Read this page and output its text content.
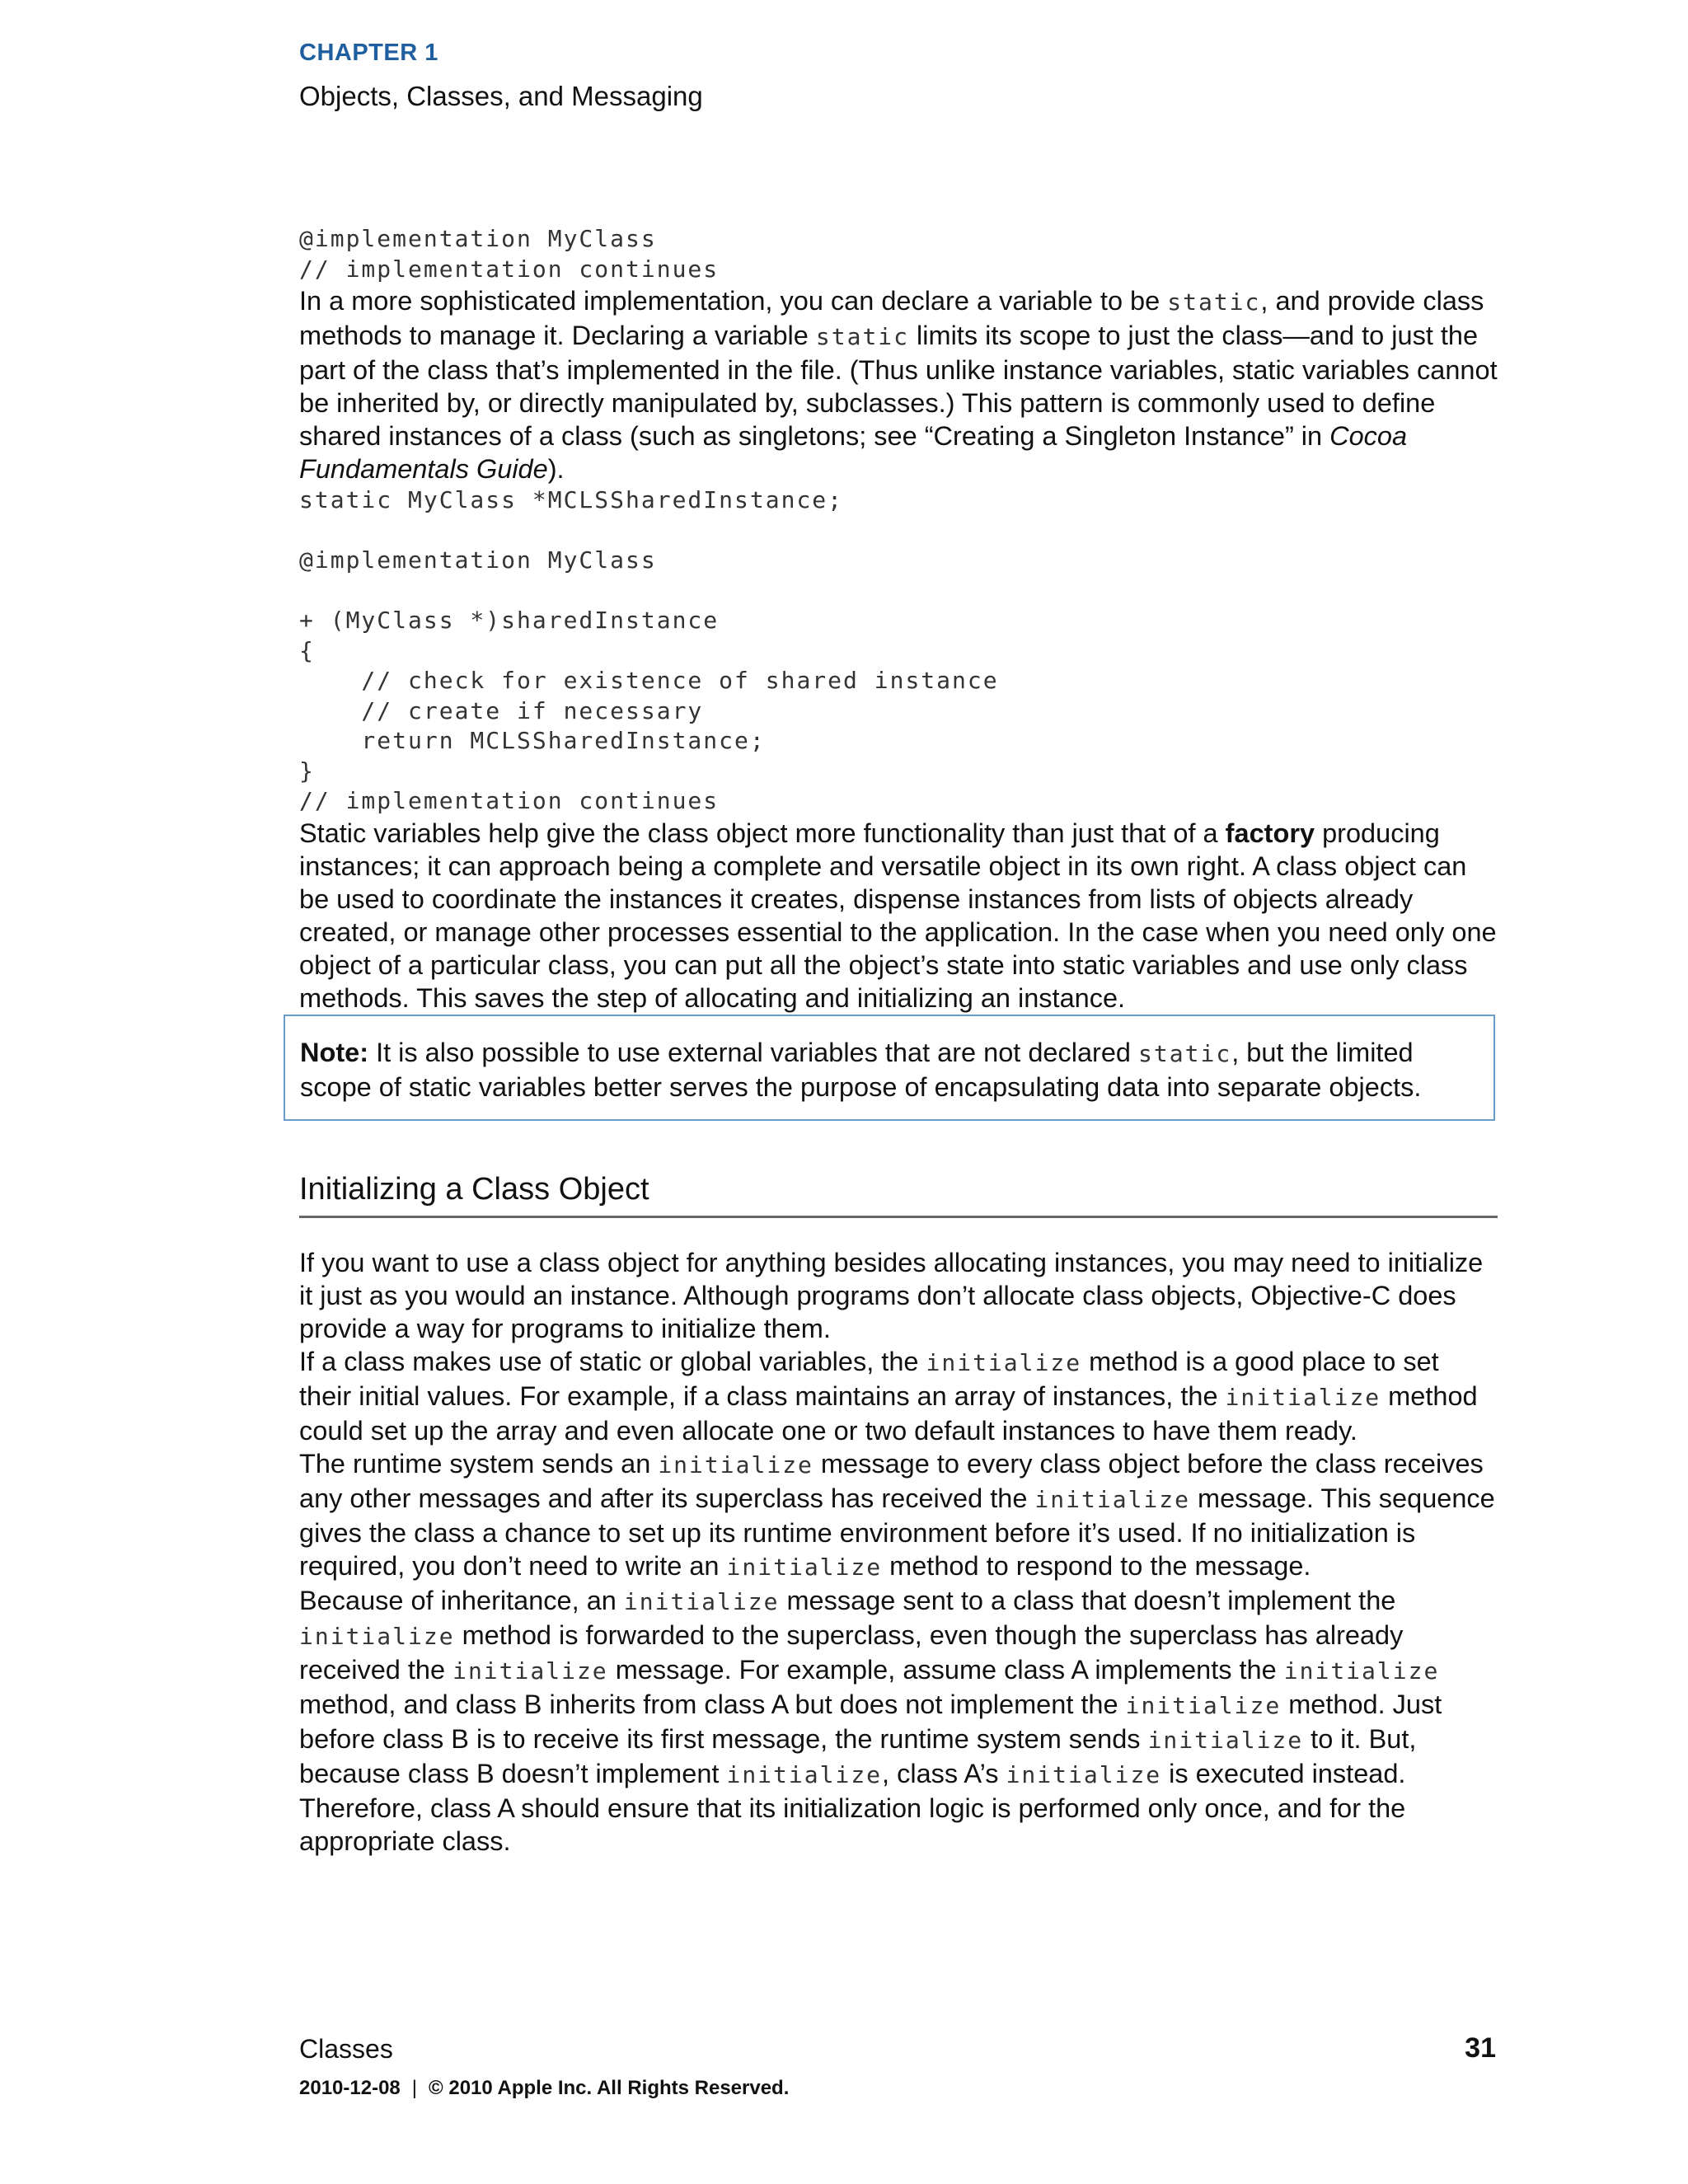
CHAPTER 1
Objects, Classes, and Messaging
@implementation MyClass
// implementation continues

In a more sophisticated implementation, you can declare a variable to be static, and provide class methods to manage it. Declaring a variable static limits its scope to just the class—and to just the part of the class that’s implemented in the file. (Thus unlike instance variables, static variables cannot be inherited by, or directly manipulated by, subclasses.) This pattern is commonly used to define shared instances of a class (such as singletons; see “Creating a Singleton Instance” in Cocoa Fundamentals Guide).

static MyClass *MCLSSharedInstance;

@implementation MyClass

+ (MyClass *)sharedInstance
{
// check for existence of shared instance
// create if necessary
return MCLSSharedInstance;
}
// implementation continues

Static variables help give the class object more functionality than just that of a factory producing instances; it can approach being a complete and versatile object in its own right. A class object can be used to coordinate the instances it creates, dispense instances from lists of objects already created, or manage other processes essential to the application. In the case when you need only one object of a particular class, you can put all the object’s state into static variables and use only class methods. This saves the step of allocating and initializing an instance.

Note: It is also possible to use external variables that are not declared static, but the limited scope of static variables better serves the purpose of encapsulating data into separate objects.

Initializing a Class Object

If you want to use a class object for anything besides allocating instances, you may need to initialize it just as you would an instance. Although programs don’t allocate class objects, Objective-C does provide a way for programs to initialize them.

If a class makes use of static or global variables, the initialize method is a good place to set their initial values. For example, if a class maintains an array of instances, the initialize method could set up the array and even allocate one or two default instances to have them ready.

The runtime system sends an initialize message to every class object before the class receives any other messages and after its superclass has received the initialize message. This sequence gives the class a chance to set up its runtime environment before it’s used. If no initialization is required, you don’t need to write an initialize method to respond to the message.

Because of inheritance, an initialize message sent to a class that doesn’t implement the initialize method is forwarded to the superclass, even though the superclass has already received the initialize message. For example, assume class A implements the initialize method, and class B inherits from class A but does not implement the initialize method. Just before class B is to receive its first message, the runtime system sends initialize to it. But, because class B doesn’t implement initialize, class A’s initialize is executed instead. Therefore, class A should ensure that its initialization logic is performed only once, and for the appropriate class.

Classes	31
2010-12-08 | © 2010 Apple Inc. All Rights Reserved.
